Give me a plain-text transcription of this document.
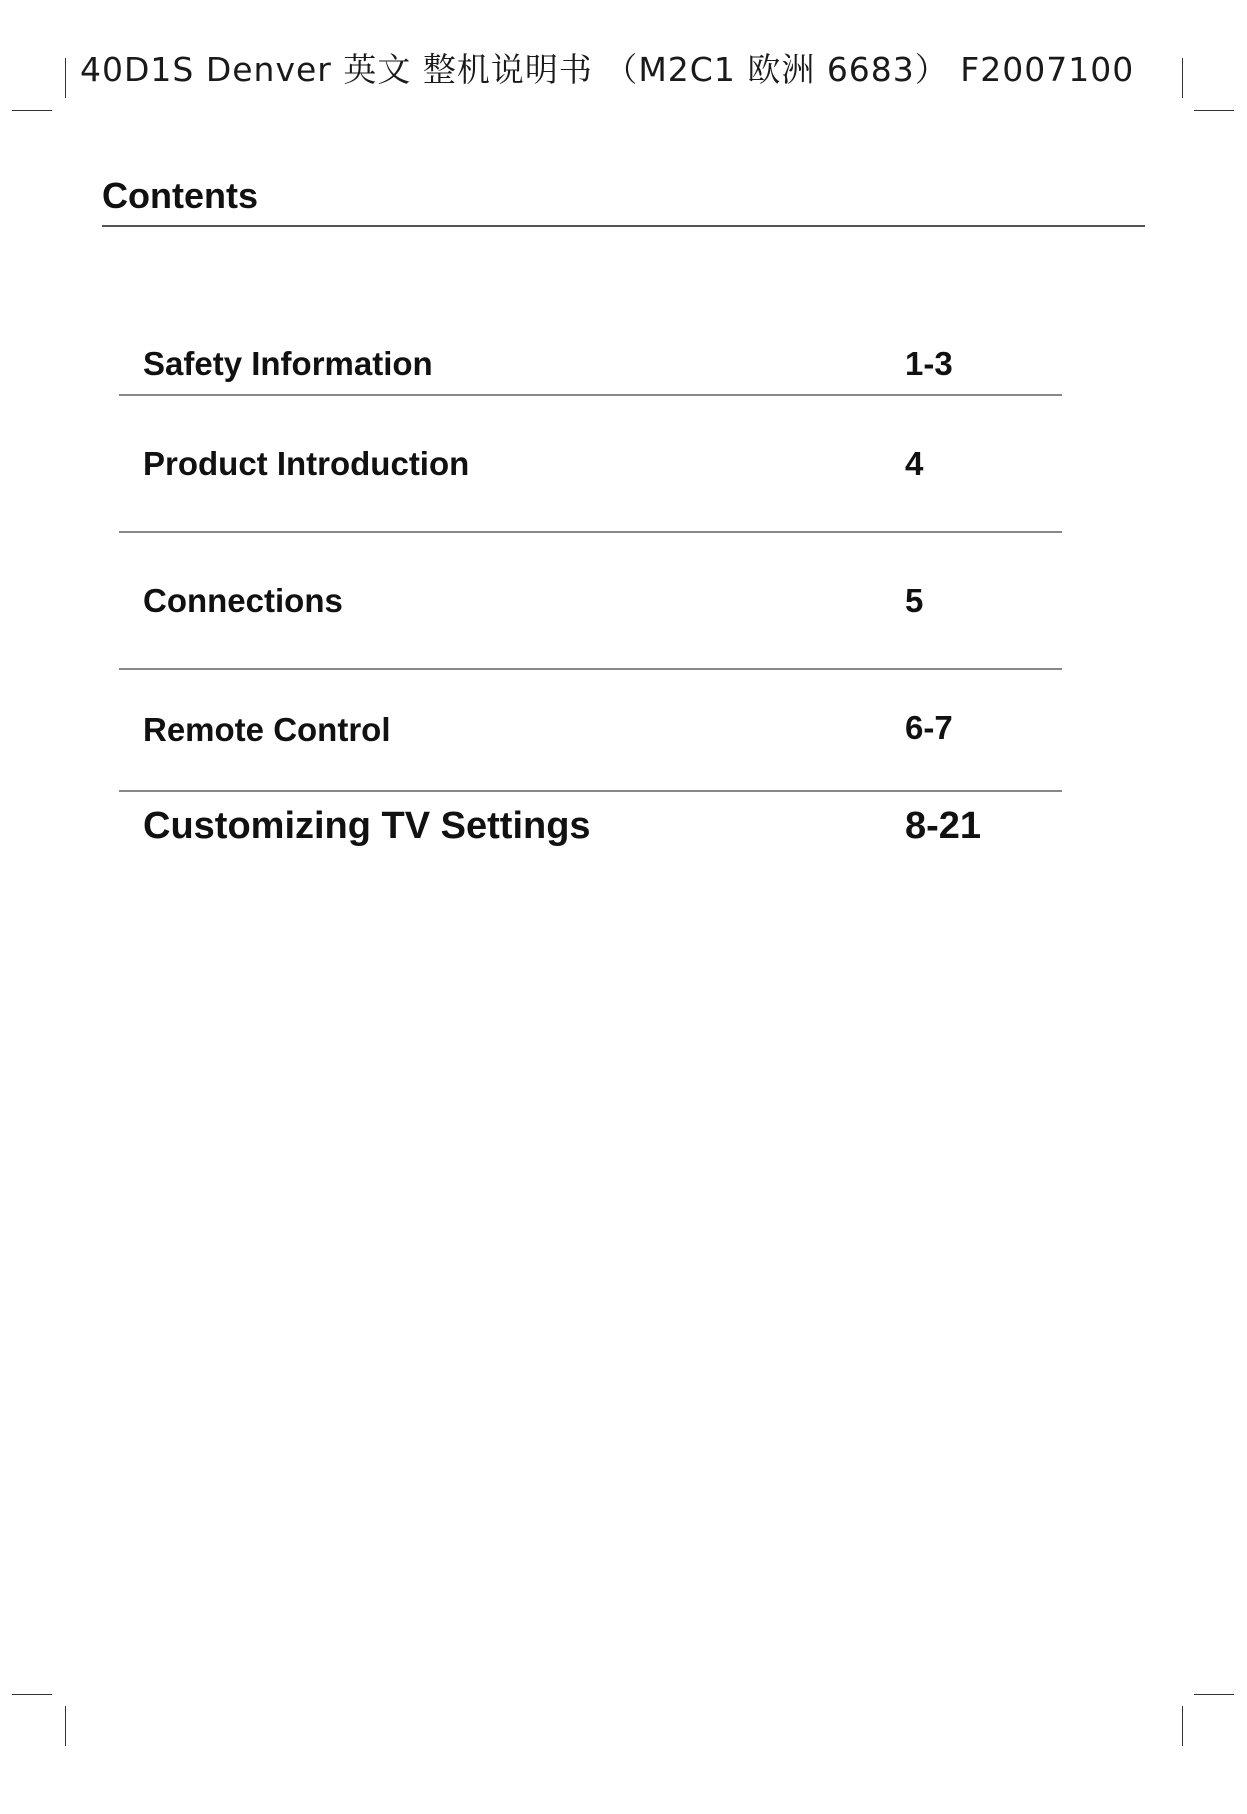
40D1S Denver 英文 整机说明书 （M2C1 欧洲 6683） F2007100
Contents
Safety Information	1-3
Product Introduction	4
Connections	5
Remote Control	6-7
Customizing TV Settings	8-21
